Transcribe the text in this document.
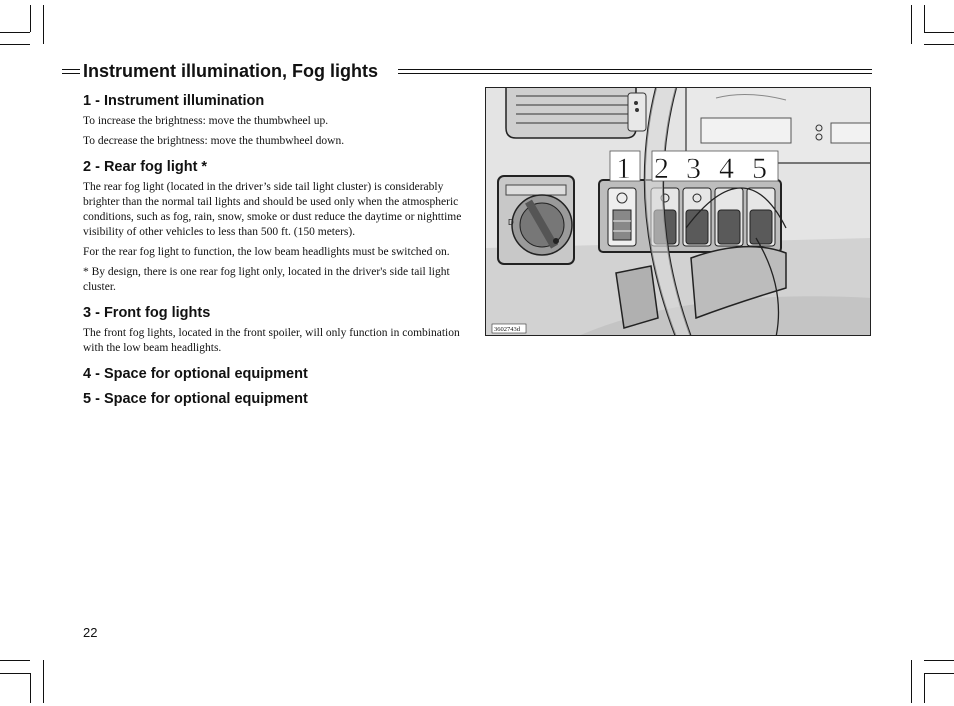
Instrument illumination, Fog lights
1 - Instrument illumination

To increase the brightness: move the thumbwheel up.

To decrease the brightness: move the thumbwheel down.

2 - Rear fog light *

The rear fog light (located in the driver’s side tail light cluster) is considerably brighter than the normal tail lights and should be used only when the atmospheric conditions, such as fog, rain, snow, smoke or dust reduce the daytime or nighttime visibility of other vehicles to less than 500 ft. (150 meters).

For the rear fog light to function, the low beam headlights must be switched on.

* By design, there is one rear fog light only, located in the driver's side tail light cluster.

3 - Front fog lights

The front fog lights, located in the front spoiler, will only function in combination with the low beam headlights.

4 - Space for optional equipment
5 - Space for optional equipment
D
1 2 3 4 5
3602743d
22
